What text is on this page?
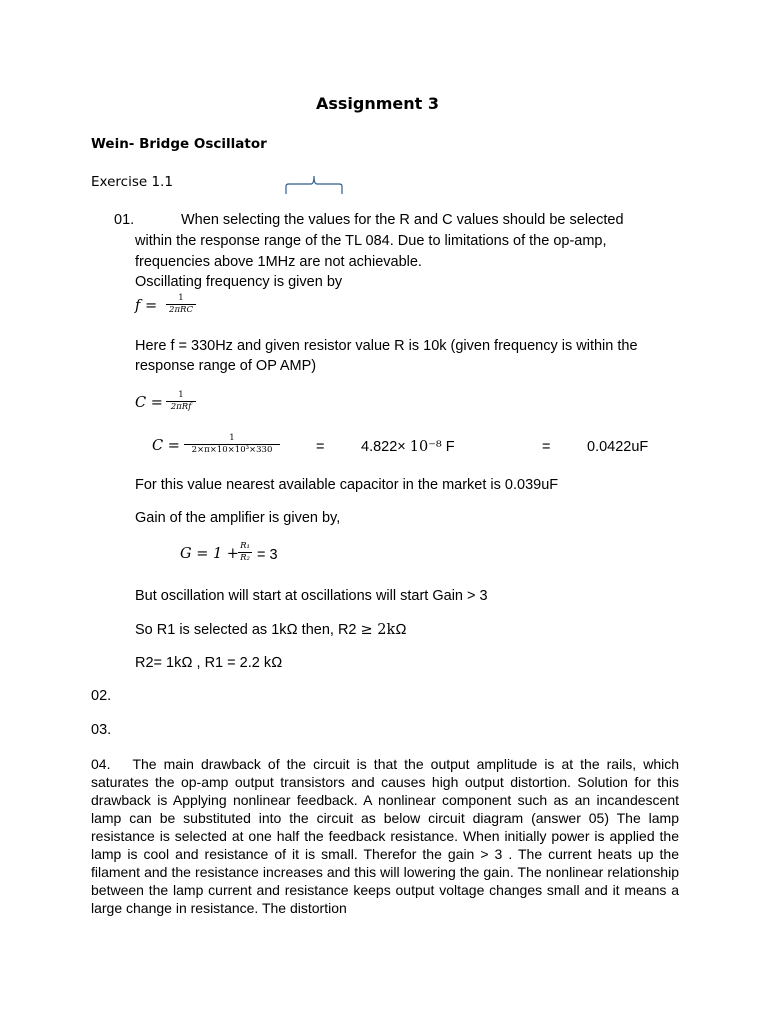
Assignment 3
Wein- Bridge Oscillator
Exercise 1.1
01.	When selecting the values for the R and C values should be selected
within the response range of the TL 084. Due to limitations of the op-amp,
frequencies above 1MHz are not achievable.
Oscillating frequency is given by
f =	1
2πRC
Here f = 330Hz and given resistor value R is 10k (given frequency is within the
response range of OP AMP)
C =	1
2πRf
C =	1
2×π×10×10³×330	=	4.822× 10⁻⁸ F	=	0.0422uF
For this value nearest available capacitor in the market is 0.039uF
Gain of the amplifier is given by,
G = 1 + R₁
R₂ = 3
But oscillation will start at oscillations will start Gain > 3
So R1 is selected as 1kΩ then, R2 ≥ 2kΩ
R2= 1kΩ , R1 = 2.2 kΩ
02.
03.

04. The main drawback of the circuit is that the output amplitude is at the rails, which saturates the op-amp output transistors and causes high output distortion. Solution for this drawback is Applying nonlinear feedback. A nonlinear component such as an incandescent lamp can be substituted into the circuit as below circuit diagram (answer 05) The lamp resistance is selected at one half the feedback resistance. When initially power is applied the lamp is cool and resistance of it is small. Therefor the gain > 3 . The current heats up the filament and the resistance increases and this will lowering the gain. The nonlinear relationship between the lamp current and resistance keeps output voltage changes small and it means a large change in resistance. The distortion
